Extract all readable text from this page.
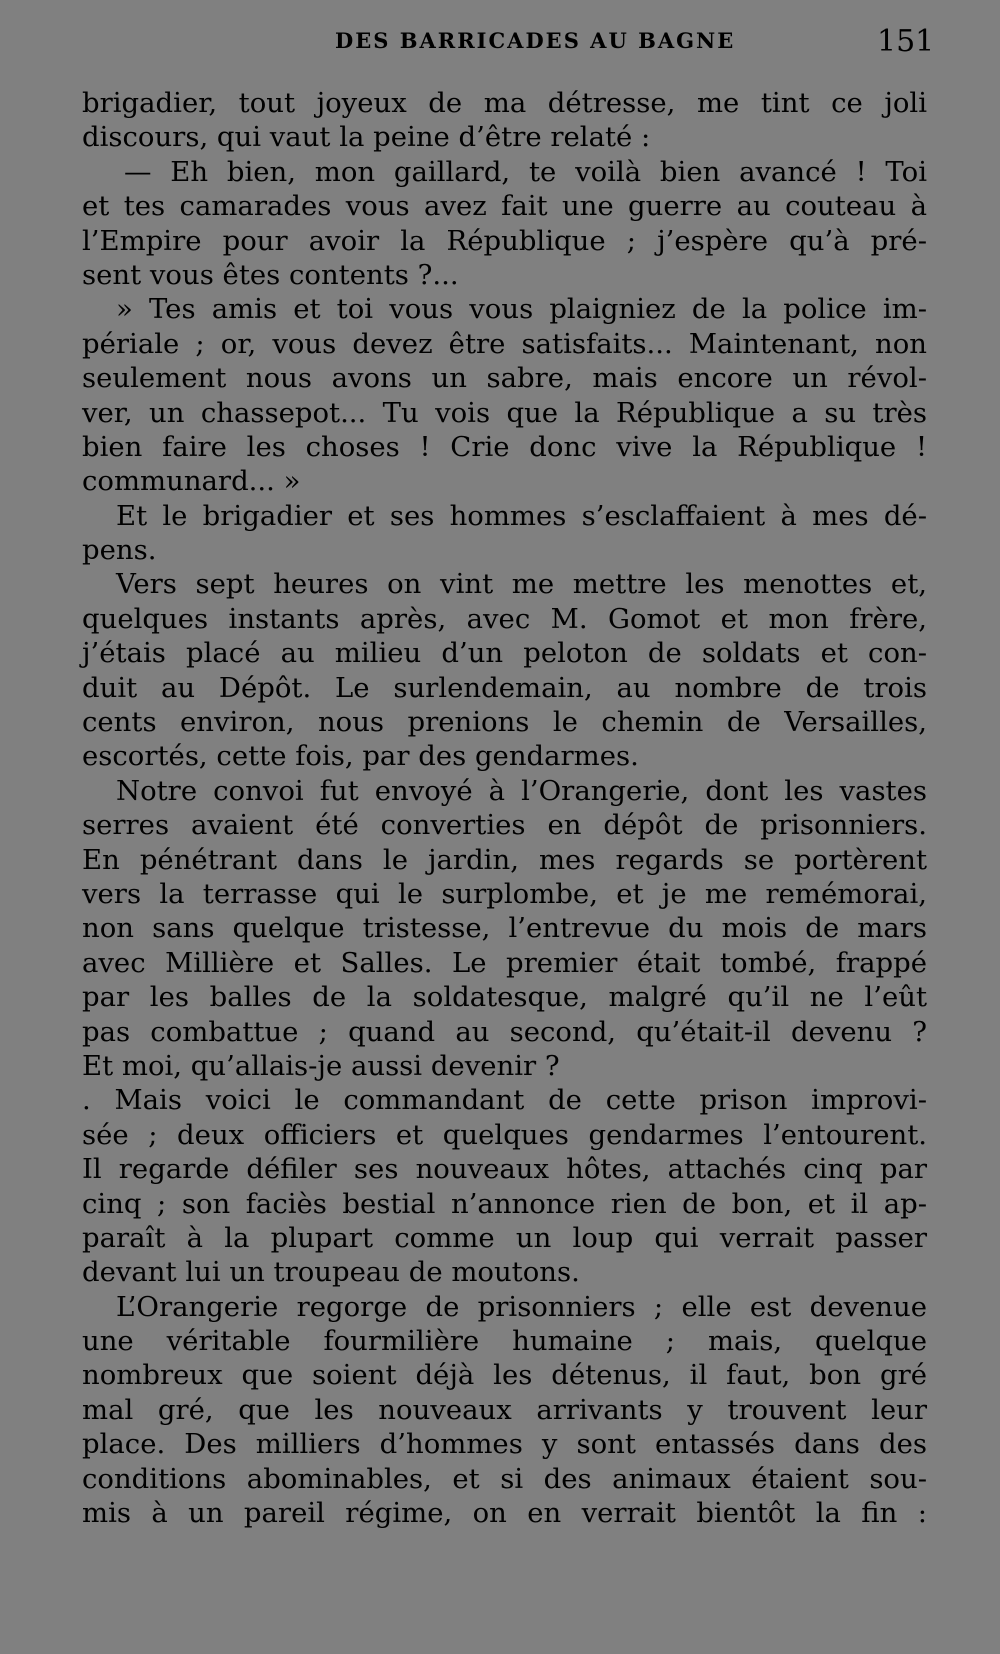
DES BARRICADES AU BAGNE	151
brigadier, tout joyeux de ma détresse, me tint ce joli
discours, qui vaut la peine d’être relaté :
— Eh bien, mon gaillard, te voilà bien avancé ! Toi
et tes camarades vous avez fait une guerre au couteau à
l’Empire pour avoir la République ; j’espère qu’à pré-
sent vous êtes contents ?...
» Tes amis et toi vous vous plaigniez de la police im-
périale ; or, vous devez être satisfaits... Maintenant, non
seulement nous avons un sabre, mais encore un révol-
ver, un chassepot... Tu vois que la République a su très
bien faire les choses ! Crie donc vive la République !
communard... »
Et le brigadier et ses hommes s’esclaffaient à mes dé-
pens.
Vers sept heures on vint me mettre les menottes et,
quelques instants après, avec M. Gomot et mon frère,
j’étais placé au milieu d’un peloton de soldats et con-
duit au Dépôt. Le surlendemain, au nombre de trois
cents environ, nous prenions le chemin de Versailles,
escortés, cette fois, par des gendarmes.
Notre convoi fut envoyé à l’Orangerie, dont les vastes
serres avaient été converties en dépôt de prisonniers.
En pénétrant dans le jardin, mes regards se portèrent
vers la terrasse qui le surplombe, et je me remémorai,
non sans quelque tristesse, l’entrevue du mois de mars
avec Millière et Salles. Le premier était tombé, frappé
par les balles de la soldatesque, malgré qu’il ne l’eût
pas combattue ; quand au second, qu’était-il devenu ?
Et moi, qu’allais-je aussi devenir ?
. Mais voici le commandant de cette prison improvi-
sée ; deux officiers et quelques gendarmes l’entourent.
Il regarde défiler ses nouveaux hôtes, attachés cinq par
cinq ; son faciès bestial n’annonce rien de bon, et il ap-
paraît à la plupart comme un loup qui verrait passer
devant lui un troupeau de moutons.
L’Orangerie regorge de prisonniers ; elle est devenue
une véritable fourmilière humaine ; mais, quelque
nombreux que soient déjà les détenus, il faut, bon gré
mal gré, que les nouveaux arrivants y trouvent leur
place. Des milliers d’hommes y sont entassés dans des
conditions abominables, et si des animaux étaient sou-
mis à un pareil régime, on en verrait bientôt la fin :
